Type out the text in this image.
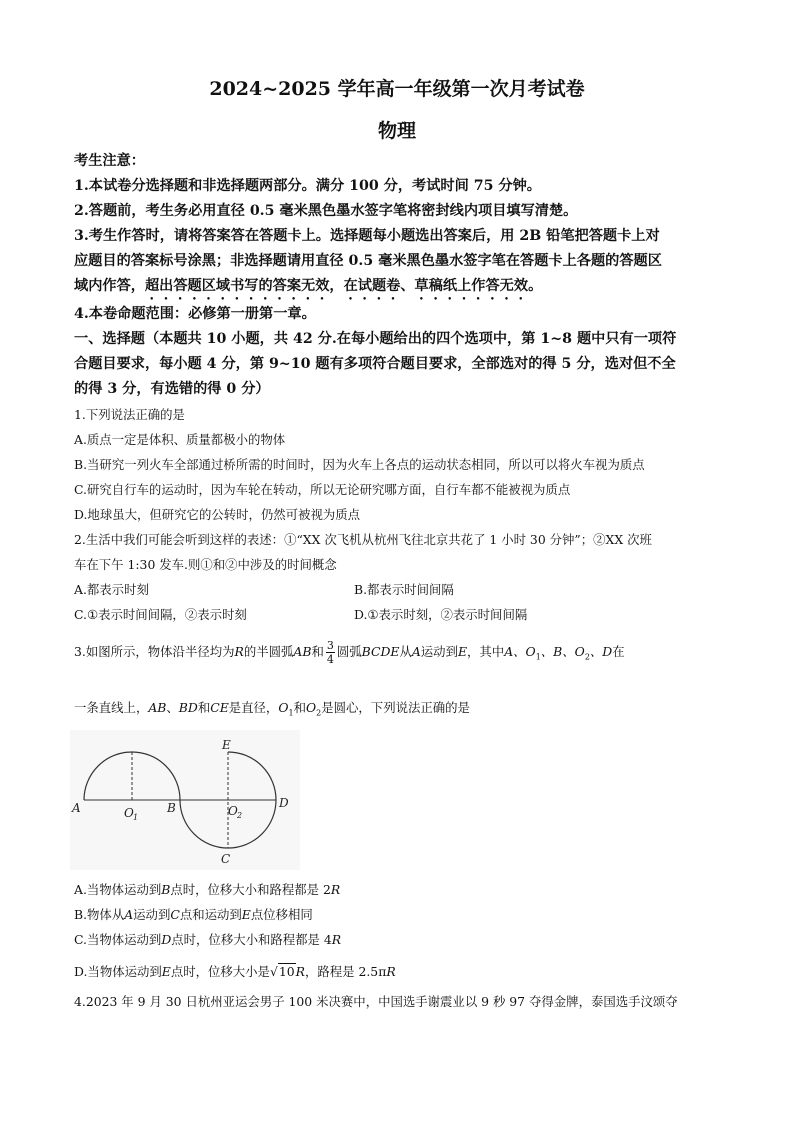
2024~2025 学年高一年级第一次月考试卷
物理
考生注意：
1.本试卷分选择题和非选择题两部分。满分 100 分，考试时间 75 分钟。
2.答题前，考生务必用直径 0.5 毫米黑色墨水签字笔将密封线内项目填写清楚。
3.考生作答时，请将答案答在答题卡上。选择题每小题选出答案后，用 2B 铅笔把答题卡上对
应题目的答案标号涂黑；非选择题请用直径 0.5 毫米黑色墨水签字笔在答题卡上各题的答题区
域内作答，超出答题区域书写的答案无效，在试题卷、草稿纸上作答无效。
4.本卷命题范围：必修第一册第一章。
一、选择题（本题共 10 小题，共 42 分.在每小题给出的四个选项中，第 1~8 题中只有一项符
合题目要求，每小题 4 分，第 9~10 题有多项符合题目要求，全部选对的得 5 分，选对但不全
的得 3 分，有选错的得 0 分）
1.下列说法正确的是
A.质点一定是体积、质量都极小的物体
B.当研究一列火车全部通过桥所需的时间时，因为火车上各点的运动状态相同，所以可以将火车视为质点
C.研究自行车的运动时，因为车轮在转动，所以无论研究哪方面，自行车都不能被视为质点
D.地球虽大，但研究它的公转时，仍然可被视为质点
2.生活中我们可能会听到这样的表述：①“XX 次飞机从杭州飞往北京共花了 1 小时 30 分钟”；②XX 次班
车在下午 1:30 发车.则①和②中涉及的时间概念
A.都表示时刻	B.都表示时间间隔
C.①表示时间间隔，②表示时刻	D.①表示时刻，②表示时间间隔
3.如图所示，物体沿半径均为R的半圆弧AB和 $\frac{3}{4}$ 圆弧BCDE从A运动到E，其中A、$O_1$、B、$O_2$、D在
一条直线上，AB、BD和CE是直径，$O_1$和$O_2$是圆心，下列说法正确的是
A	O 1
B	O 2
D
E
C
A.当物体运动到B点时，位移大小和路程都是 2R
B.物体从A运动到C点和运动到E点位移相同
C.当物体运动到D点时，位移大小和路程都是 4R
D.当物体运动到E点时，位移大小是√10R，路程是 2.5πR
4.2023 年 9 月 30 日杭州亚运会男子 100 米决赛中，中国选手谢震业以 9 秒 97 夺得金牌，泰国选手汶颂夺
